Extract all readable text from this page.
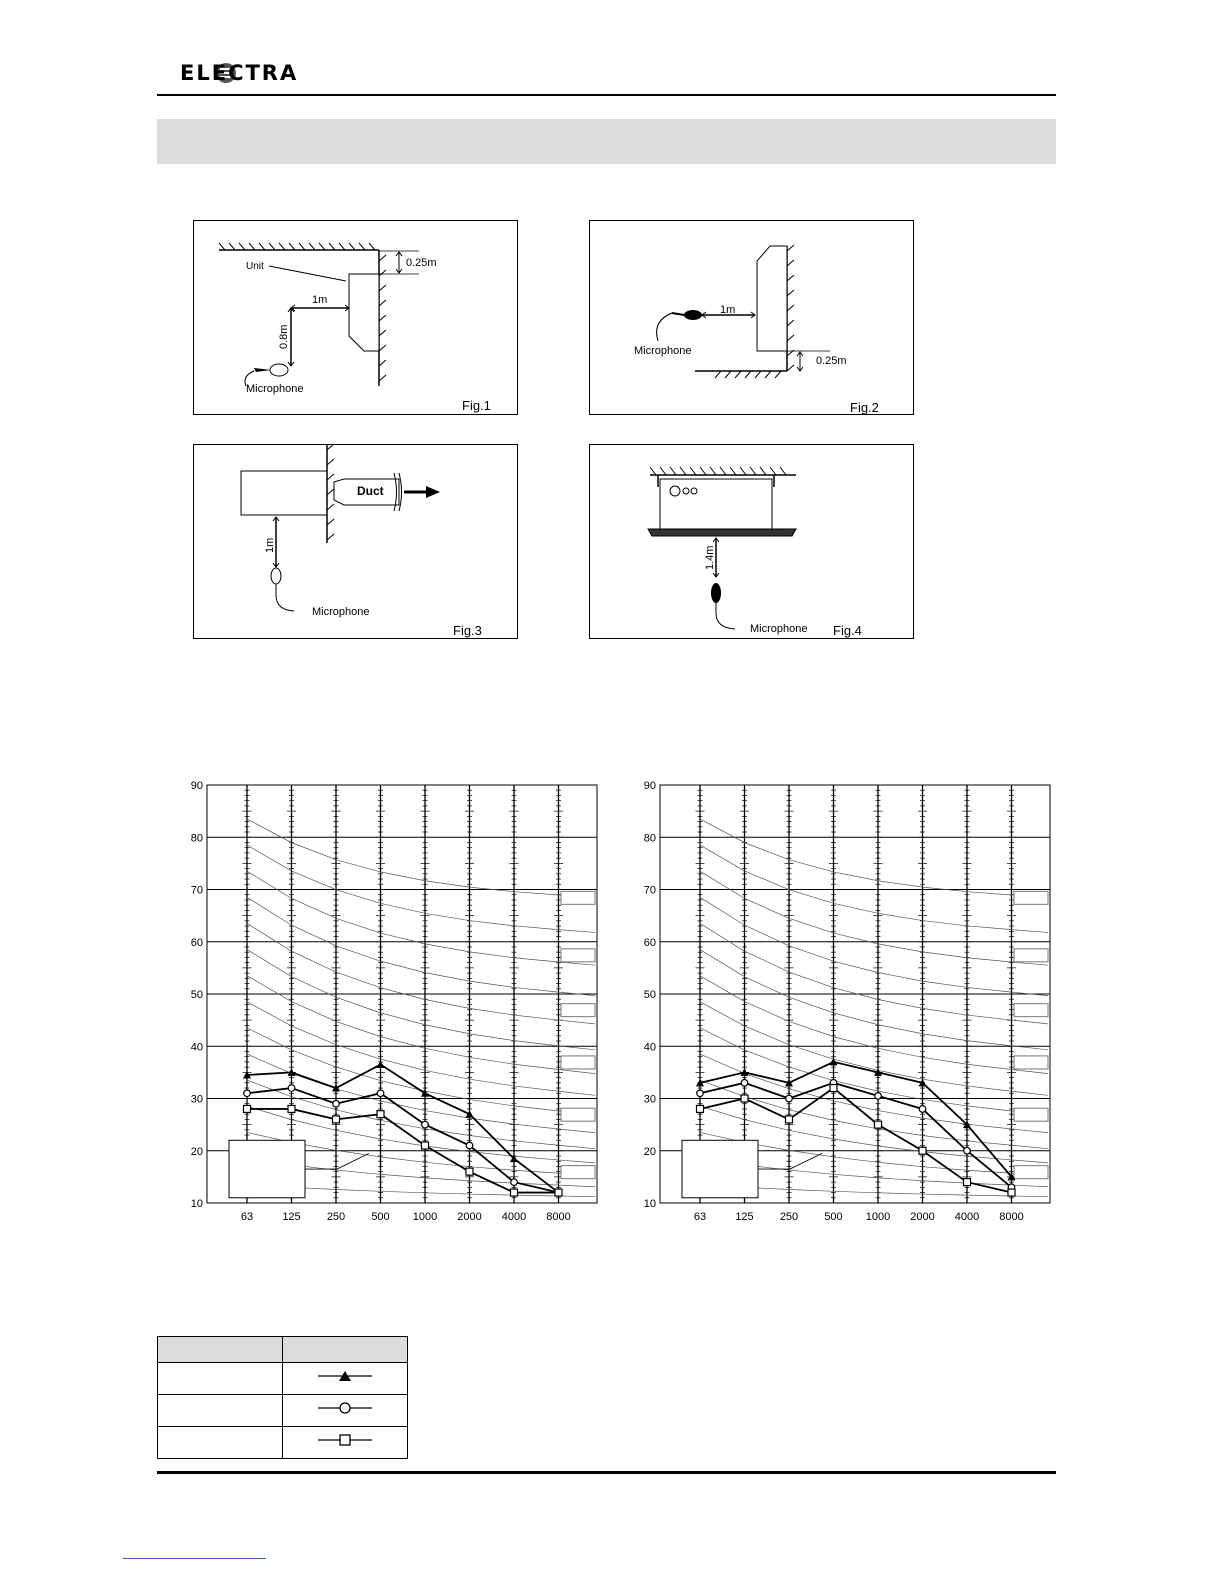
ELECTRA
0.25m
Unit
1m
0.8m
Microphone
Fig.1
0.25m
1m
Microphone
Fig.2
Duct
1m
Microphone
Fig.3
1.4m
Microphone Fig.4
10
20
30
40
50
60
70
80
90
63	125 250 500 1000 2000 4000 8000
10
20
30
40
50
60
70
80
90
63	125 250 500 1000 2000 4000 8000
